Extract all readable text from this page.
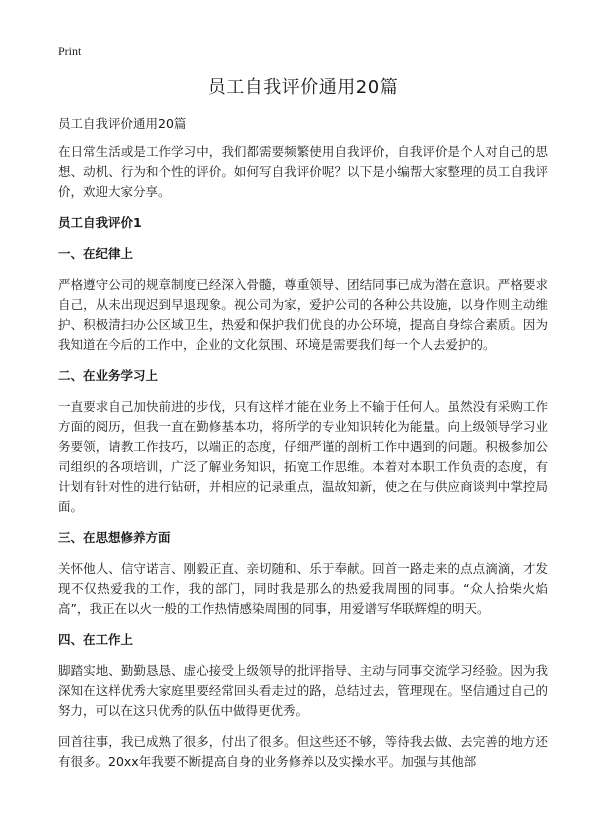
Print
员工自我评价通用20篇

员工自我评价通用20篇

在日常生活或是工作学习中，我们都需要频繁使用自我评价，自我评价是个人对自己的思想、动机、行为和个性的评价。如何写自我评价呢？以下是小编帮大家整理的员工自我评价，欢迎大家分享。

员工自我评价1
一、在纪律上

严格遵守公司的规章制度已经深入骨髓，尊重领导、团结同事已成为潜在意识。严格要求自己，从未出现迟到早退现象。视公司为家，爱护公司的各种公共设施，以身作则主动维护、积极清扫办公区域卫生，热爱和保护我们优良的办公环境，提高自身综合素质。因为我知道在今后的工作中，企业的文化氛围、环境是需要我们每一个人去爱护的。

二、在业务学习上

一直要求自己加快前进的步伐，只有这样才能在业务上不输于任何人。虽然没有采购工作方面的阅历，但我一直在勤修基本功，将所学的专业知识转化为能量。向上级领导学习业务要领，请教工作技巧，以端正的态度，仔细严谨的剖析工作中遇到的问题。积极参加公司组织的各项培训，广泛了解业务知识，拓宽工作思维。本着对本职工作负责的态度，有计划有针对性的进行钻研，并相应的记录重点，温故知新，使之在与供应商谈判中掌控局面。

三、在思想修养方面

关怀他人、信守诺言、刚毅正直、亲切随和、乐于奉献。回首一路走来的点点滴滴，才发现不仅热爱我的工作，我的部门，同时我是那么的热爱我周围的同事。“众人拾柴火焰高”，我正在以火一般的工作热情感染周围的同事，用爱谱写华联辉煌的明天。

四、在工作上

脚踏实地、勤勤恳恳、虚心接受上级领导的批评指导、主动与同事交流学习经验。因为我深知在这样优秀大家庭里要经常回头看走过的路，总结过去，管理现在。坚信通过自己的努力，可以在这只优秀的队伍中做得更优秀。

回首往事，我已成熟了很多，付出了很多。但这些还不够，等待我去做、去完善的地方还有很多。20xx年我要不断提高自身的业务修养以及实操水平。加强与其他部
